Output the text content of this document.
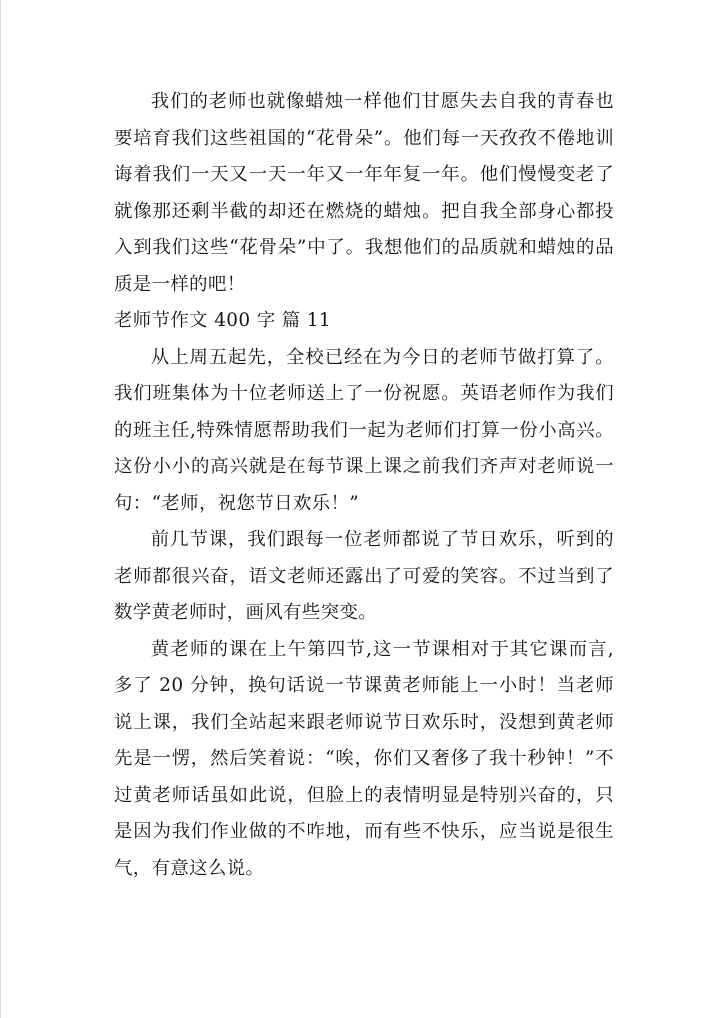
我们的老师也就像蜡烛一样他们甘愿失去自我的青春也要培育我们这些祖国的“花骨朵”。他们每一天孜孜不倦地训诲着我们一天又一天一年又一年年复一年。他们慢慢变老了就像那还剩半截的却还在燃烧的蜡烛。把自我全部身心都投入到我们这些“花骨朵”中了。我想他们的品质就和蜡烛的品质是一样的吧！

老师节作文 400 字 篇 11

从上周五起先，全校已经在为今日的老师节做打算了。我们班集体为十位老师送上了一份祝愿。英语老师作为我们的班主任,特殊情愿帮助我们一起为老师们打算一份小高兴。这份小小的高兴就是在每节课上课之前我们齐声对老师说一句：“老师，祝您节日欢乐！”

前几节课，我们跟每一位老师都说了节日欢乐，听到的老师都很兴奋，语文老师还露出了可爱的笑容。不过当到了数学黄老师时，画风有些突变。

黄老师的课在上午第四节,这一节课相对于其它课而言,多了 20 分钟，换句话说一节课黄老师能上一小时！当老师说上课，我们全站起来跟老师说节日欢乐时，没想到黄老师先是一愣，然后笑着说：“唉，你们又奢侈了我十秒钟！”不过黄老师话虽如此说，但脸上的表情明显是特别兴奋的，只是因为我们作业做的不咋地，而有些不快乐，应当说是很生气，有意这么说。
